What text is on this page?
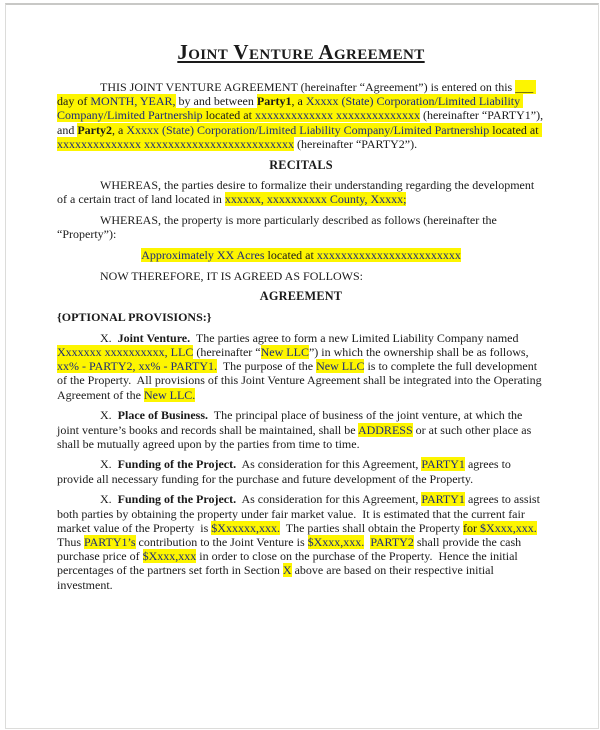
Joint Venture Agreement

THIS JOINT VENTURE AGREEMENT (hereinafter “Agreement”) is entered on this ___ day of MONTH, YEAR, by and between Party1, a Xxxxx (State) Corporation/Limited Liability Company/Limited Partnership located at xxxxxxxxxxxxx xxxxxxxxxxxxxx (hereinafter “PARTY1”), and Party2, a Xxxxx (State) Corporation/Limited Liability Company/Limited Partnership located at xxxxxxxxxxxxxx xxxxxxxxxxxxxxxxxxxxxxxxx (hereinafter “PARTY2”).

RECITALS

WHEREAS, the parties desire to formalize their understanding regarding the development of a certain tract of land located in xxxxxx, xxxxxxxxxx County, Xxxxx;

WHEREAS, the property is more particularly described as follows (hereinafter the “Property”):

Approximately XX Acres located at xxxxxxxxxxxxxxxxxxxxxxxx

NOW THEREFORE, IT IS AGREED AS FOLLOWS:

AGREEMENT

{OPTIONAL PROVISIONS:}

X.  Joint Venture.  The parties agree to form a new Limited Liability Company named Xxxxxxx xxxxxxxxxx, LLC (hereinafter “New LLC”) in which the ownership shall be as follows, xx% - PARTY2, xx% - PARTY1.  The purpose of the New LLC is to complete the full development of the Property.  All provisions of this Joint Venture Agreement shall be integrated into the Operating Agreement of the New LLC.

X.  Place of Business.  The principal place of business of the joint venture, at which the joint venture’s books and records shall be maintained, shall be ADDRESS or at such other place as shall be mutually agreed upon by the parties from time to time.

X.  Funding of the Project.  As consideration for this Agreement, PARTY1 agrees to provide all necessary funding for the purchase and future development of the Property.

X.  Funding of the Project.  As consideration for this Agreement, PARTY1 agrees to assist both parties by obtaining the property under fair market value.  It is estimated that the current fair market value of the Property  is $Xxxxxx,xxx.  The parties shall obtain the Property for $Xxxx,xxx.  Thus PARTY1’s contribution to the Joint Venture is $Xxxx,xxx. PARTY2 shall provide the cash purchase price of $Xxxx,xxx in order to close on the purchase of the Property.  Hence the initial percentages of the partners set forth in Section X above are based on their respective initial investment.
